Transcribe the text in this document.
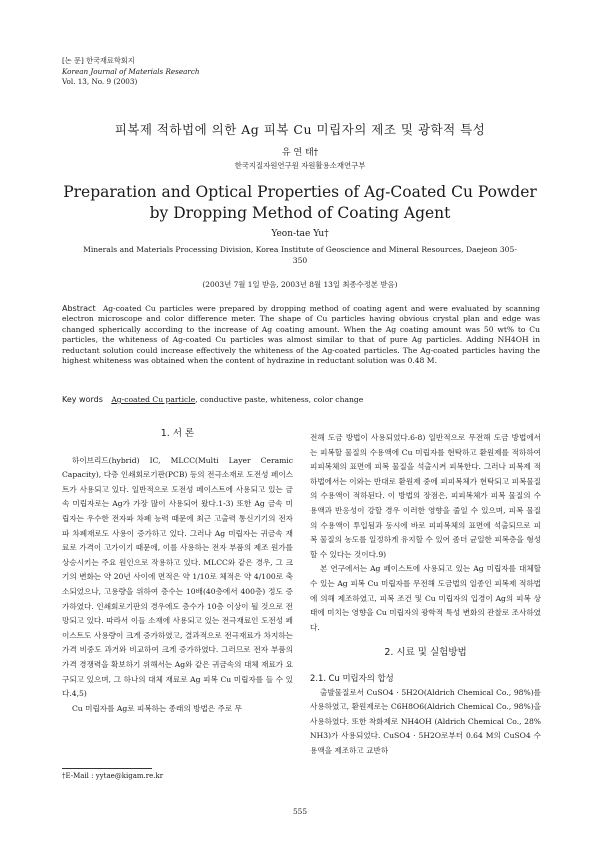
[논 문] 한국재료학회지
Korean Journal of Materials Research
Vol. 13, No. 9 (2003)
피복제 적하법에 의한 Ag 피복 Cu 미립자의 제조 및 광학적 특성
유 연 태†
한국지질자원연구원 자원활용소재연구부
Preparation and Optical Properties of Ag-Coated Cu Powder by Dropping Method of Coating Agent
Yeon-tae Yu†
Minerals and Materials Processing Division, Korea Institute of Geoscience and Mineral Resources, Daejeon 305-350
(2003년 7월 1일 받음, 2003년 8월 13일 최종수정본 받음)
Abstract Ag-coated Cu particles were prepared by dropping method of coating agent and were evaluated by scanning electron microscope and color difference meter. The shape of Cu particles having obvious crystal plan and edge was changed spherically according to the increase of Ag coating amount. When the Ag coating amount was 50 wt% to Cu particles, the whiteness of Ag-coated Cu particles was almost similar to that of pure Ag particles. Adding NH4OH in reductant solution could increase effectively the whiteness of the Ag-coated particles. The Ag-coated particles having the highest whiteness was obtained when the content of hydrazine in reductant solution was 0.48 M.
Key words Ag-coated Cu particle, conductive paste, whiteness, color change
1. 서 론

하이브리드(hybrid) IC, MLCC(Multi Layer Ceramic Capacity), 다층 인쇄회로기판(PCB) 등의 전극소재로 도전성 페이스트가 사용되고 있다. 일반적으로 도전성 페이스트에 사용되고 있는 금속 미립자로는 Ag가 가장 많이 사용되어 왔다.1-3) 또한 Ag 금속 미립자는 우수한 전자파 차폐 능력 때문에 최근 고출력 통신기기의 전자파 차폐재로도 사용이 증가하고 있다. 그러나 Ag 미립자는 귀금속 재료로 가격이 고가이기 때문에, 이를 사용하는 전자 부품의 제조 원가를 상승시키는 주요 원인으로 작용하고 있다. MLCC와 같은 경우, 그 크기의 변화는 약 20년 사이에 면적은 약 1/10로 체적은 약 4/100로 축소되었으나, 고용량을 위하여 층수는 10배(40층에서 400층) 정도 증가하였다. 인쇄회로기판의 경우에도 층수가 10층 이상이 될 것으로 전망되고 있다. 따라서 이들 소재에 사용되고 있는 전극재료인 도전성 페이스트도 사용량이 크게 증가하였고, 결과적으로 전극재료가 차지하는 가격 비중도 과거와 비교하여 크게 증가하였다. 그러므로 전자 부품의 가격 경쟁력을 확보하기 위해서는 Ag와 같은 귀금속의 대체 재료가 요구되고 있으며, 그 하나의 대체 재료로 Ag 피복 Cu 미립자를 들 수 있다.4,5)

Cu 미립자를 Ag로 피복하는 종래의 방법은 주로 무

전해 도금 방법이 사용되었다.6-8) 일반적으로 무전해 도금 방법에서는 피복할 물질의 수용액에 Cu 미립자를 현탁하고 환원제를 적하하여 피피복체의 표면에 피복 물질을 석출시켜 피복한다. 그러나 피복제 적하법에서는 이와는 반대로 환원제 중에 피피복체가 현탁되고 피복물질의 수용액이 적하된다. 이 방법의 장점은, 피피복체가 피복 물질의 수용액과 반응성이 강할 경우 이러한 영향을 줄일 수 있으며, 피복 물질의 수용액이 투입됨과 동시에 바로 피피복체의 표면에 석출되므로 피복 물질의 농도를 일정하게 유지할 수 있어 좀더 균일한 피복층을 형성할 수 있다는 것이다.9)

본 연구에서는 Ag 페이스트에 사용되고 있는 Ag 미립자를 대체할 수 있는 Ag 피복 Cu 미립자를 무전해 도금법의 일종인 피복제 적하법에 의해 제조하였고, 피복 조건 및 Cu 미립자의 입경이 Ag의 피복 상태에 미치는 영향을 Cu 미립자의 광학적 특성 변화의 관찰로 조사하였다.

2. 시료 및 실험방법
2.1. Cu 미립자의 합성

출발물질로서 CuSO4 · 5H2O(Aldrich Chemical Co., 98%)를 사용하였고, 환원제로는 C6H8O6(Aldrich Chemical Co., 98%)을 사용하였다. 또한 착화제로 NH4OH (Aldrich Chemical Co., 28% NH3)가 사용되었다. CuSO4 · 5H2O로부터 0.64 M의 CuSO4 수용액을 제조하고 교반하

†E-Mail : yytae@kigam.re.kr
555
